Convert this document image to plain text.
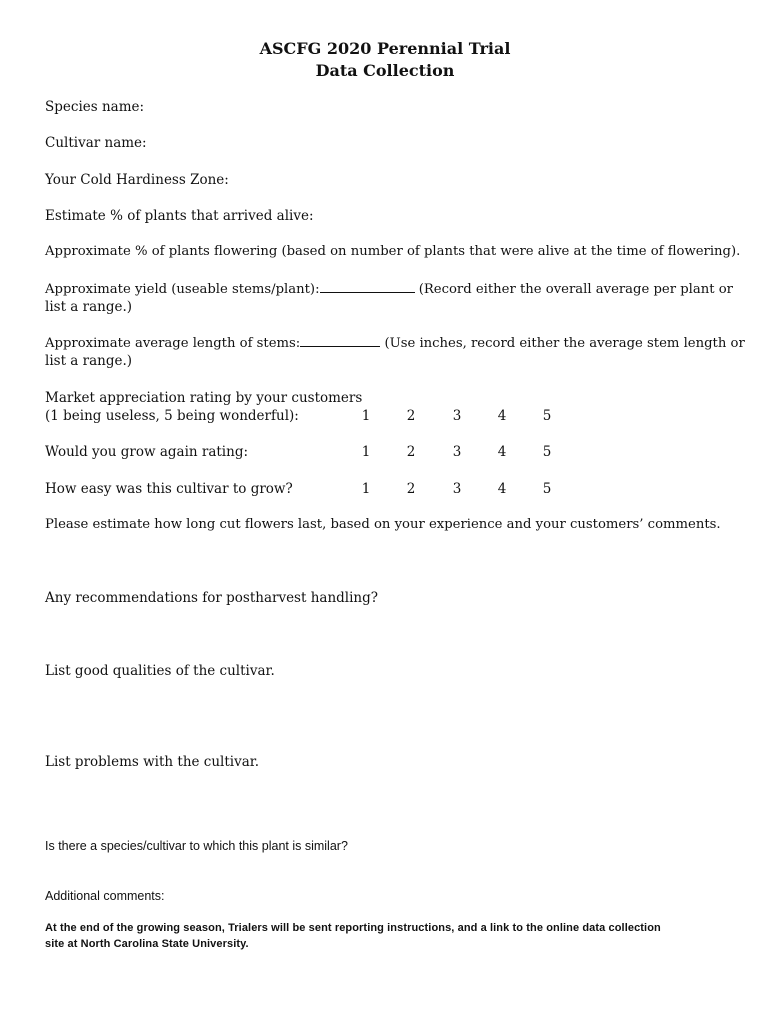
ASCFG 2020 Perennial Trial
Data Collection
Species name:
Cultivar name:
Your Cold Hardiness Zone:
Estimate % of plants that arrived alive:
Approximate % of plants flowering (based on number of plants that were alive at the time of flowering).
Approximate yield (useable stems/plant):	(Record either the overall average per plant or
list a range.)
Approximate average length of stems:	(Use inches, record either the average stem length or
list a range.)
Market appreciation rating by your customers
(1 being useless, 5 being wonderful):	1	2	3	4	5
Would you grow again rating:	1	2	3	4	5
How easy was this cultivar to grow?	1	2	3	4	5
Please estimate how long cut flowers last, based on your experience and your customers’ comments.
Any recommendations for postharvest handling?
List good qualities of the cultivar.
List problems with the cultivar.
Is there a species/cultivar to which this plant is similar?
Additional comments:
At the end of the growing season, Trialers will be sent reporting instructions, and a link to the online data collection
site at North Carolina State University.
